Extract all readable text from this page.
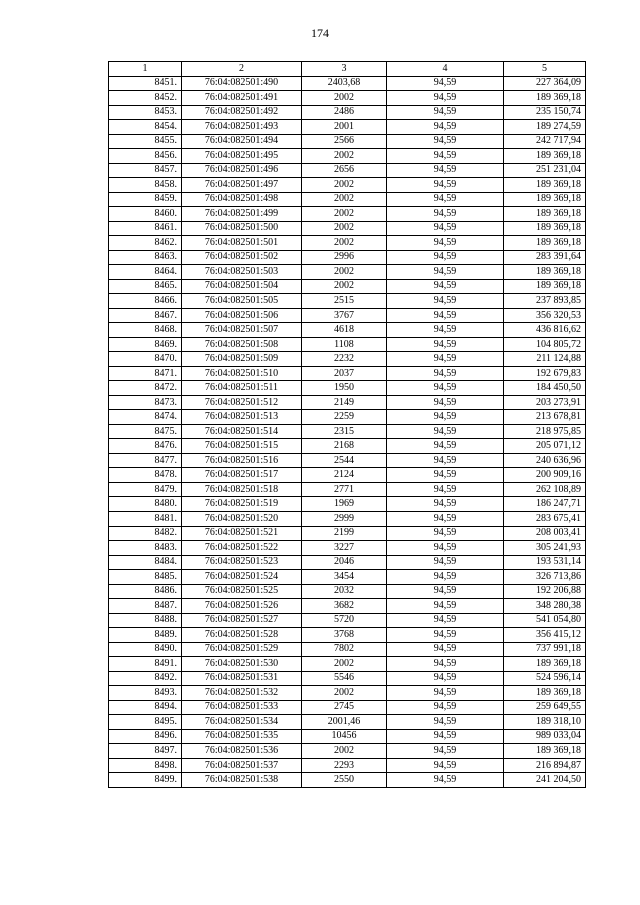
174
1	2	3	4	5
8451.	76:04:082501:490	2403,68	94,59	227 364,09
8452.	76:04:082501:491	2002	94,59	189 369,18
8453.	76:04:082501:492	2486	94,59	235 150,74
8454.	76:04:082501:493	2001	94,59	189 274,59
8455.	76:04:082501:494	2566	94,59	242 717,94
8456.	76:04:082501:495	2002	94,59	189 369,18
8457.	76:04:082501:496	2656	94,59	251 231,04
8458.	76:04:082501:497	2002	94,59	189 369,18
8459.	76:04:082501:498	2002	94,59	189 369,18
8460.	76:04:082501:499	2002	94,59	189 369,18
8461.	76:04:082501:500	2002	94,59	189 369,18
8462.	76:04:082501:501	2002	94,59	189 369,18
8463.	76:04:082501:502	2996	94,59	283 391,64
8464.	76:04:082501:503	2002	94,59	189 369,18
8465.	76:04:082501:504	2002	94,59	189 369,18
8466.	76:04:082501:505	2515	94,59	237 893,85
8467.	76:04:082501:506	3767	94,59	356 320,53
8468.	76:04:082501:507	4618	94,59	436 816,62
8469.	76:04:082501:508	1108	94,59	104 805,72
8470.	76:04:082501:509	2232	94,59	211 124,88
8471.	76:04:082501:510	2037	94,59	192 679,83
8472.	76:04:082501:511	1950	94,59	184 450,50
8473.	76:04:082501:512	2149	94,59	203 273,91
8474.	76:04:082501:513	2259	94,59	213 678,81
8475.	76:04:082501:514	2315	94,59	218 975,85
8476.	76:04:082501:515	2168	94,59	205 071,12
8477.	76:04:082501:516	2544	94,59	240 636,96
8478.	76:04:082501:517	2124	94,59	200 909,16
8479.	76:04:082501:518	2771	94,59	262 108,89
8480.	76:04:082501:519	1969	94,59	186 247,71
8481.	76:04:082501:520	2999	94,59	283 675,41
8482.	76:04:082501:521	2199	94,59	208 003,41
8483.	76:04:082501:522	3227	94,59	305 241,93
8484.	76:04:082501:523	2046	94,59	193 531,14
8485.	76:04:082501:524	3454	94,59	326 713,86
8486.	76:04:082501:525	2032	94,59	192 206,88
8487.	76:04:082501:526	3682	94,59	348 280,38
8488.	76:04:082501:527	5720	94,59	541 054,80
8489.	76:04:082501:528	3768	94,59	356 415,12
8490.	76:04:082501:529	7802	94,59	737 991,18
8491.	76:04:082501:530	2002	94,59	189 369,18
8492.	76:04:082501:531	5546	94,59	524 596,14
8493.	76:04:082501:532	2002	94,59	189 369,18
8494.	76:04:082501:533	2745	94,59	259 649,55
8495.	76:04:082501:534	2001,46	94,59	189 318,10
8496.	76:04:082501:535	10456	94,59	989 033,04
8497.	76:04:082501:536	2002	94,59	189 369,18
8498.	76:04:082501:537	2293	94,59	216 894,87
8499.	76:04:082501:538	2550	94,59	241 204,50
